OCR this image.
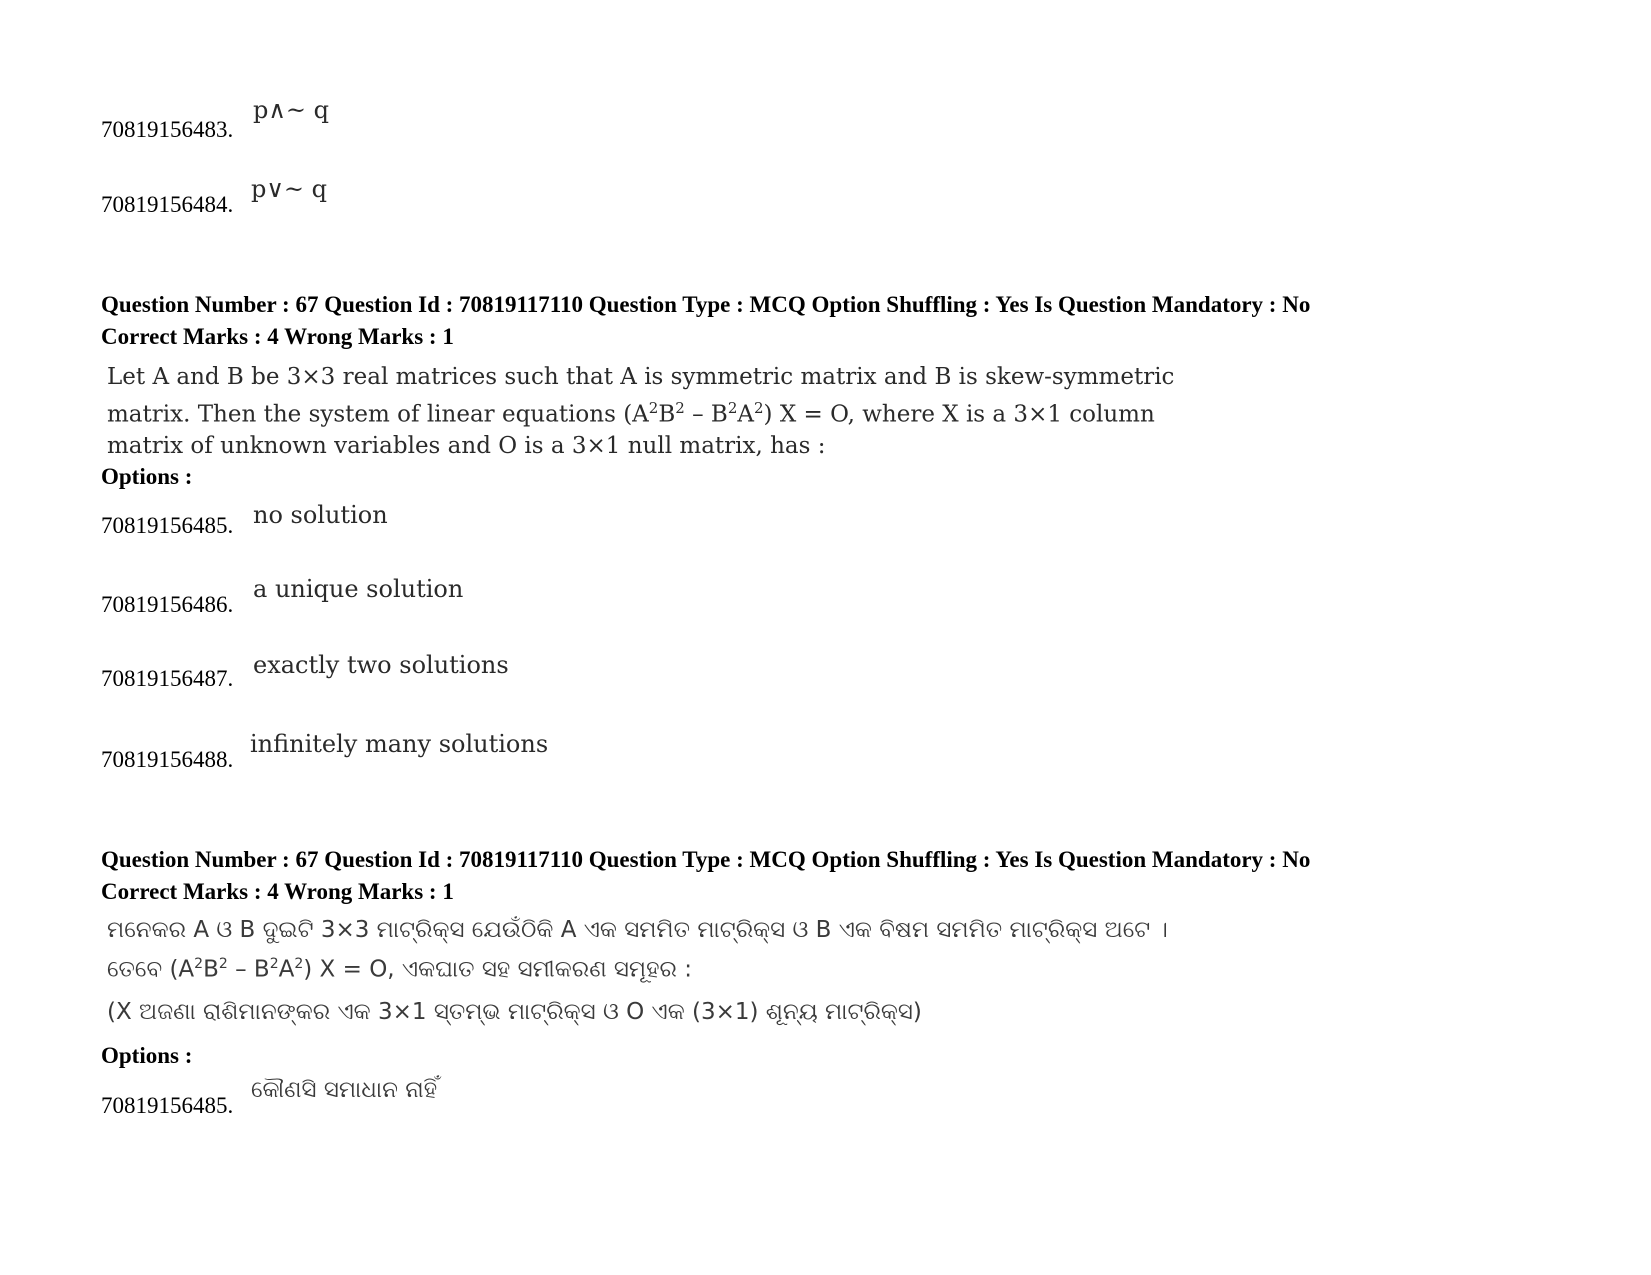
70819156483.
p∧~ q
70819156484.
p∨~ q
Question Number : 67 Question Id : 70819117110 Question Type : MCQ Option Shuffling : Yes Is Question Mandatory : No
Correct Marks : 4 Wrong Marks : 1
Let A and B be 3×3 real matrices such that A is symmetric matrix and B is skew-symmetric
matrix. Then the system of linear equations $(A^2B^2 - B^2A^2) X = O$, where X is a 3×1 column
matrix of unknown variables and O is a 3×1 null matrix, has :
Options :
70819156485. no solution
70819156486.
a unique solution
70819156487. exactly two solutions
70819156488.
infinitely many solutions
Question Number : 67 Question Id : 70819117110 Question Type : MCQ Option Shuffling : Yes Is Question Mandatory : No
Correct Marks : 4 Wrong Marks : 1
ମନେକର A ଓ B ଦୁଇଟି 3×3 ମାଟ୍ରିକ୍ସ ଯେଉଁଠିକି A ଏକ ସମମିତ ମାଟ୍ରିକ୍ସ ଓ B ଏକ ବିଷମ ସମମିତ ମାଟ୍ରିକ୍ସ ଅଟେ ।
ତେବେ $(A^2B^2 - B^2A^2) X = O$, ଏକଘାତ ସହ ସମୀକରଣ ସମୂହର :
(X ଅଜଣା ରାଶିମାନଙ୍କର ଏକ 3×1 ସ୍ତମ୍ଭ ମାଟ୍ରିକ୍ସ ଓ O ଏକ (3×1) ଶୂନ୍ୟ ମାଟ୍ରିକ୍ସ)
Options :
70819156485.
କୌଣସି ସମାଧାନ ନାହିଁ
